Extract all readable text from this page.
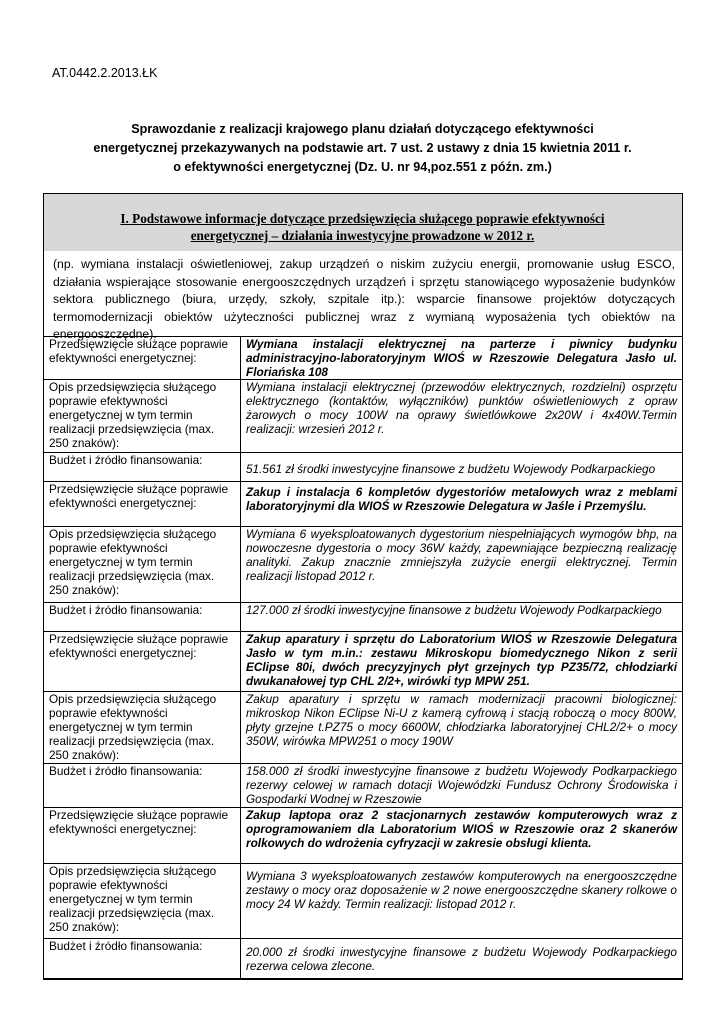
AT.0442.2.2013.ŁK
Sprawozdanie z realizacji krajowego planu działań dotyczącego efektywności
energetycznej przekazywanych na podstawie art. 7 ust. 2 ustawy z dnia 15 kwietnia 2011 r.
o efektywności energetycznej (Dz. U. nr 94,poz.551 z późn. zm.)
I. Podstawowe informacje dotyczące przedsięwzięcia służącego poprawie efektywności
energetycznej – działania inwestycyjne prowadzone w 2012 r.
(np. wymiana instalacji oświetleniowej, zakup urządzeń o niskim zużyciu energii, promowanie usług ESCO, działania wspierające stosowanie energooszczędnych urządzeń i sprzętu stanowiącego wyposażenie budynków sektora publicznego (biura, urzędy, szkoły, szpitale itp.): wsparcie finansowe projektów dotyczących termomodernizacji obiektów użyteczności publicznej wraz z wymianą wyposażenia tych obiektów na energooszczędne).
Przedsięwzięcie służące poprawie efektywności energetycznej:	Wymiana instalacji elektrycznej na parterze i piwnicy budynku administracyjno-laboratoryjnym WIOŚ w Rzeszowie Delegatura Jasło ul. Floriańska 108
Opis przedsięwzięcia służącego poprawie efektywności energetycznej w tym termin realizacji przedsięwzięcia (max. 250 znaków):	Wymiana instalacji elektrycznej (przewodów elektrycznych, rozdzielni) osprzętu elektrycznego (kontaktów, wyłączników) punktów oświetleniowych z opraw żarowych o mocy 100W na oprawy świetlówkowe 2x20W i 4x40W.Termin realizacji: wrzesień 2012 r.
Budżet i źródło finansowania:	51.561 zł środki inwestycyjne finansowe z budżetu Wojewody Podkarpackiego
Przedsięwzięcie służące poprawie efektywności energetycznej:	Zakup i instalacja 6 kompletów dygestoriów metalowych wraz z meblami laboratoryjnymi dla WIOŚ w Rzeszowie Delegatura w Jaśle i Przemyślu.
Opis przedsięwzięcia służącego poprawie efektywności energetycznej w tym termin realizacji przedsięwzięcia (max. 250 znaków):	Wymiana 6 wyeksploatowanych dygestorium niespełniających wymogów bhp, na nowoczesne dygestoria o mocy 36W każdy, zapewniające bezpieczną realizację analityki. Zakup znacznie zmniejszyła zużycie energii elektrycznej. Termin realizacji listopad 2012 r.
Budżet i źródło finansowania:	127.000 zł środki inwestycyjne finansowe z budżetu Wojewody Podkarpackiego
Przedsięwzięcie służące poprawie efektywności energetycznej:	Zakup aparatury i sprzętu do Laboratorium WIOŚ w Rzeszowie Delegatura Jasło w tym m.in.: zestawu Mikroskopu biomedycznego Nikon z serii EClipse 80i, dwóch precyzyjnych płyt grzejnych typ PZ35/72, chłodziarki dwukanałowej typ CHL 2/2+, wirówki typ MPW 251.
Opis przedsięwzięcia służącego poprawie efektywności energetycznej w tym termin realizacji przedsięwzięcia (max. 250 znaków):	Zakup aparatury i sprzętu w ramach modernizacji pracowni biologicznej: mikroskop Nikon EClipse Ni-U z kamerą cyfrową i stacją roboczą o mocy 800W, płyty grzejne t.PZ75 o mocy 6600W, chłodziarka laboratoryjnej CHL2/2+ o mocy 350W, wirówka MPW251 o mocy 190W
Budżet i źródło finansowania:	158.000 zł środki inwestycyjne finansowe z budżetu Wojewody Podkarpackiego rezerwy celowej w ramach dotacji Wojewódzki Fundusz Ochrony Środowiska i Gospodarki Wodnej w Rzeszowie
Przedsięwzięcie służące poprawie efektywności energetycznej:	Zakup laptopa oraz 2 stacjonarnych zestawów komputerowych wraz z oprogramowaniem dla Laboratorium WIOŚ w Rzeszowie oraz 2 skanerów rolkowych do wdrożenia cyfryzacji w zakresie obsługi klienta.
Opis przedsięwzięcia służącego poprawie efektywności energetycznej w tym termin realizacji przedsięwzięcia (max. 250 znaków):	Wymiana 3 wyeksploatowanych zestawów komputerowych na energooszczędne zestawy o mocy oraz doposażenie w 2 nowe energooszczędne skanery rolkowe o mocy 24 W każdy. Termin realizacji: listopad 2012 r.
Budżet i źródło finansowania:	20.000 zł środki inwestycyjne finansowe z budżetu Wojewody Podkarpackiego rezerwa celowa zlecone.
